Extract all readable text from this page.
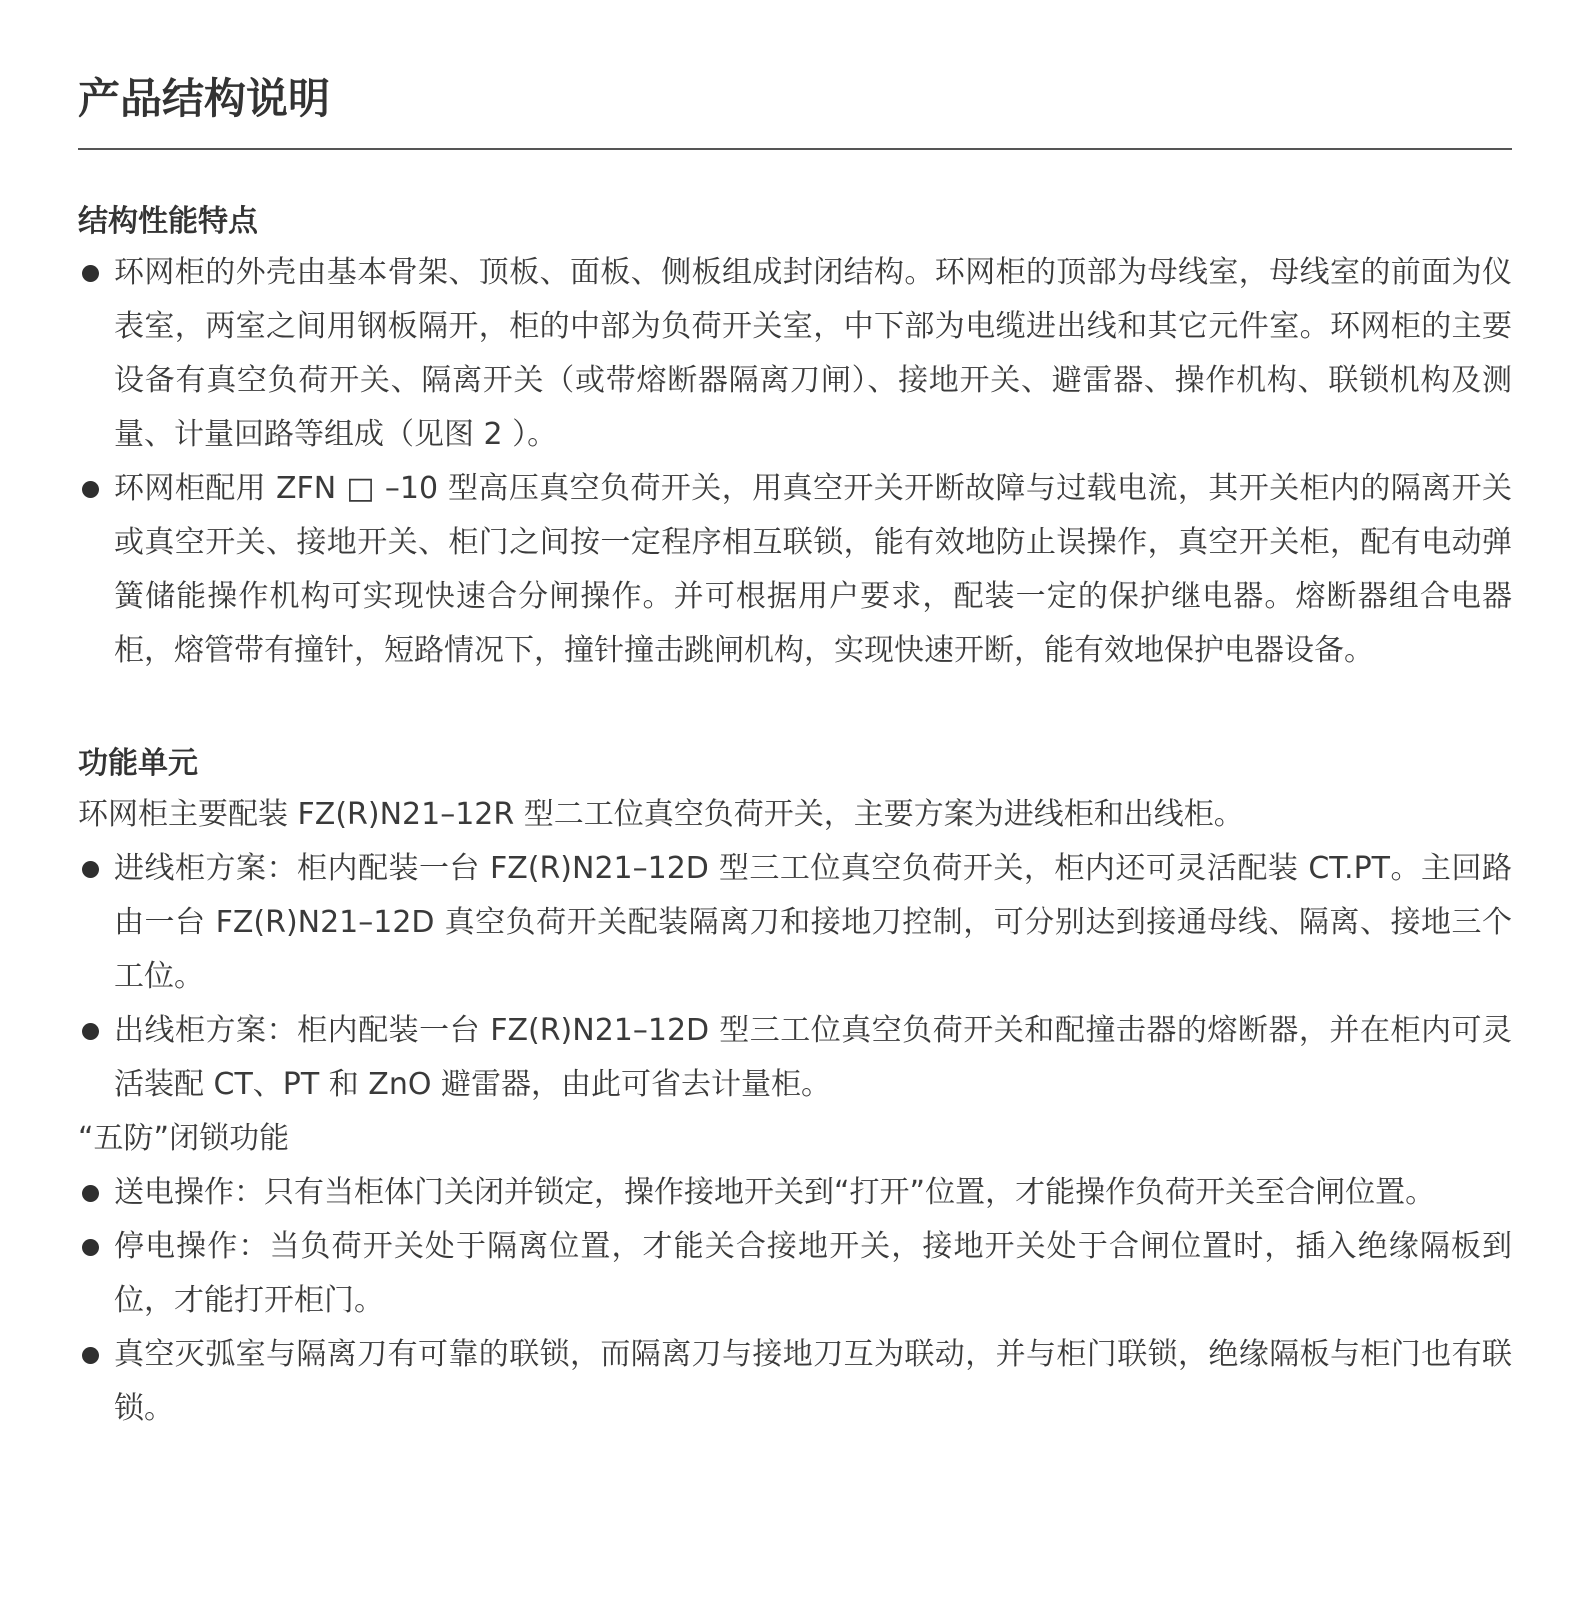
产品结构说明
结构性能特点
环网柜的外壳由基本骨架、顶板、面板、侧板组成封闭结构。环网柜的顶部为母线室，母线室的前面为仪表室，两室之间用钢板隔开，柜的中部为负荷开关室，中下部为电缆进出线和其它元件室。环网柜的主要设备有真空负荷开关、隔离开关（或带熔断器隔离刀闸）、接地开关、避雷器、操作机构、联锁机构及测量、计量回路等组成（见图 2 ）。
环网柜配用 ZFN □ –10 型高压真空负荷开关，用真空开关开断故障与过载电流，其开关柜内的隔离开关或真空开关、接地开关、柜门之间按一定程序相互联锁，能有效地防止误操作，真空开关柜，配有电动弹簧储能操作机构可实现快速合分闸操作。并可根据用户要求，配装一定的保护继电器。熔断器组合电器柜，熔管带有撞针，短路情况下，撞针撞击跳闸机构，实现快速开断，能有效地保护电器设备。
功能单元

环网柜主要配装 FZ(R)N21–12R 型二工位真空负荷开关，主要方案为进线柜和出线柜。

进线柜方案：柜内配装一台 FZ(R)N21–12D 型三工位真空负荷开关，柜内还可灵活配装 CT.PT。主回路由一台 FZ(R)N21–12D 真空负荷开关配装隔离刀和接地刀控制，可分别达到接通母线、隔离、接地三个工位。
出线柜方案：柜内配装一台 FZ(R)N21–12D 型三工位真空负荷开关和配撞击器的熔断器，并在柜内可灵活装配 CT、PT 和 ZnO 避雷器，由此可省去计量柜。

“五防”闭锁功能

送电操作：只有当柜体门关闭并锁定，操作接地开关到“打开”位置，才能操作负荷开关至合闸位置。
停电操作：当负荷开关处于隔离位置，才能关合接地开关，接地开关处于合闸位置时，插入绝缘隔板到位，才能打开柜门。
真空灭弧室与隔离刀有可靠的联锁，而隔离刀与接地刀互为联动，并与柜门联锁，绝缘隔板与柜门也有联锁。
